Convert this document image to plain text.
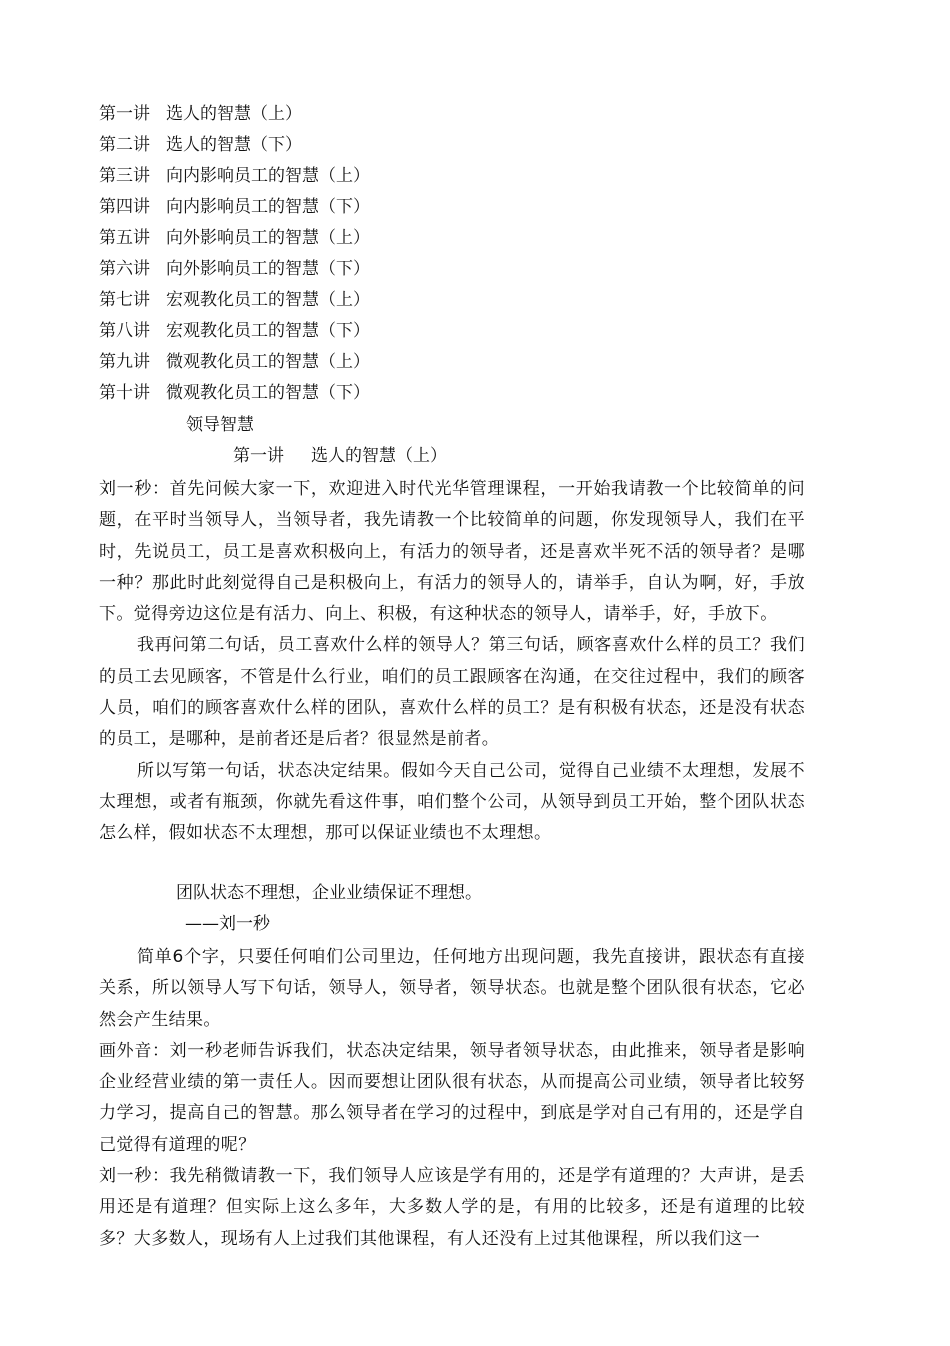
第一讲 选人的智慧（上）
第二讲 选人的智慧（下）
第三讲 向内影响员工的智慧（上）
第四讲 向内影响员工的智慧（下）
第五讲 向外影响员工的智慧（上）
第六讲 向外影响员工的智慧（下）
第七讲 宏观教化员工的智慧（上）
第八讲 宏观教化员工的智慧（下）
第九讲 微观教化员工的智慧（上）
第十讲 微观教化员工的智慧（下）
领导智慧
第一讲 选人的智慧（上）

刘一秒：首先问候大家一下，欢迎进入时代光华管理课程，一开始我请教一个比较简单的问题，在平时当领导人，当领导者，我先请教一个比较简单的问题，你发现领导人，我们在平时，先说员工，员工是喜欢积极向上，有活力的领导者，还是喜欢半死不活的领导者？是哪一种？那此时此刻觉得自己是积极向上，有活力的领导人的，请举手，自认为啊，好，手放下。觉得旁边这位是有活力、向上、积极，有这种状态的领导人，请举手，好，手放下。

我再问第二句话，员工喜欢什么样的领导人？第三句话，顾客喜欢什么样的员工？我们的员工去见顾客，不管是什么行业，咱们的员工跟顾客在沟通，在交往过程中，我们的顾客人员，咱们的顾客喜欢什么样的团队，喜欢什么样的员工？是有积极有状态，还是没有状态的员工，是哪种，是前者还是后者？很显然是前者。

所以写第一句话，状态决定结果。假如今天自己公司，觉得自己业绩不太理想，发展不太理想，或者有瓶颈，你就先看这件事，咱们整个公司，从领导到员工开始，整个团队状态怎么样，假如状态不太理想，那可以保证业绩也不太理想。

团队状态不理想，企业业绩保证不理想。
——刘一秒

简单6个字，只要任何咱们公司里边，任何地方出现问题，我先直接讲，跟状态有直接关系，所以领导人写下句话，领导人，领导者，领导状态。也就是整个团队很有状态，它必然会产生结果。

画外音：刘一秒老师告诉我们，状态决定结果，领导者领导状态，由此推来，领导者是影响企业经营业绩的第一责任人。因而要想让团队很有状态，从而提高公司业绩，领导者比较努力学习，提高自己的智慧。那么领导者在学习的过程中，到底是学对自己有用的，还是学自己觉得有道理的呢？

刘一秒：我先稍微请教一下，我们领导人应该是学有用的，还是学有道理的？大声讲，是丢用还是有道理？但实际上这么多年，大多数人学的是，有用的比较多，还是有道理的比较多？大多数人，现场有人上过我们其他课程，有人还没有上过其他课程，所以我们这一
